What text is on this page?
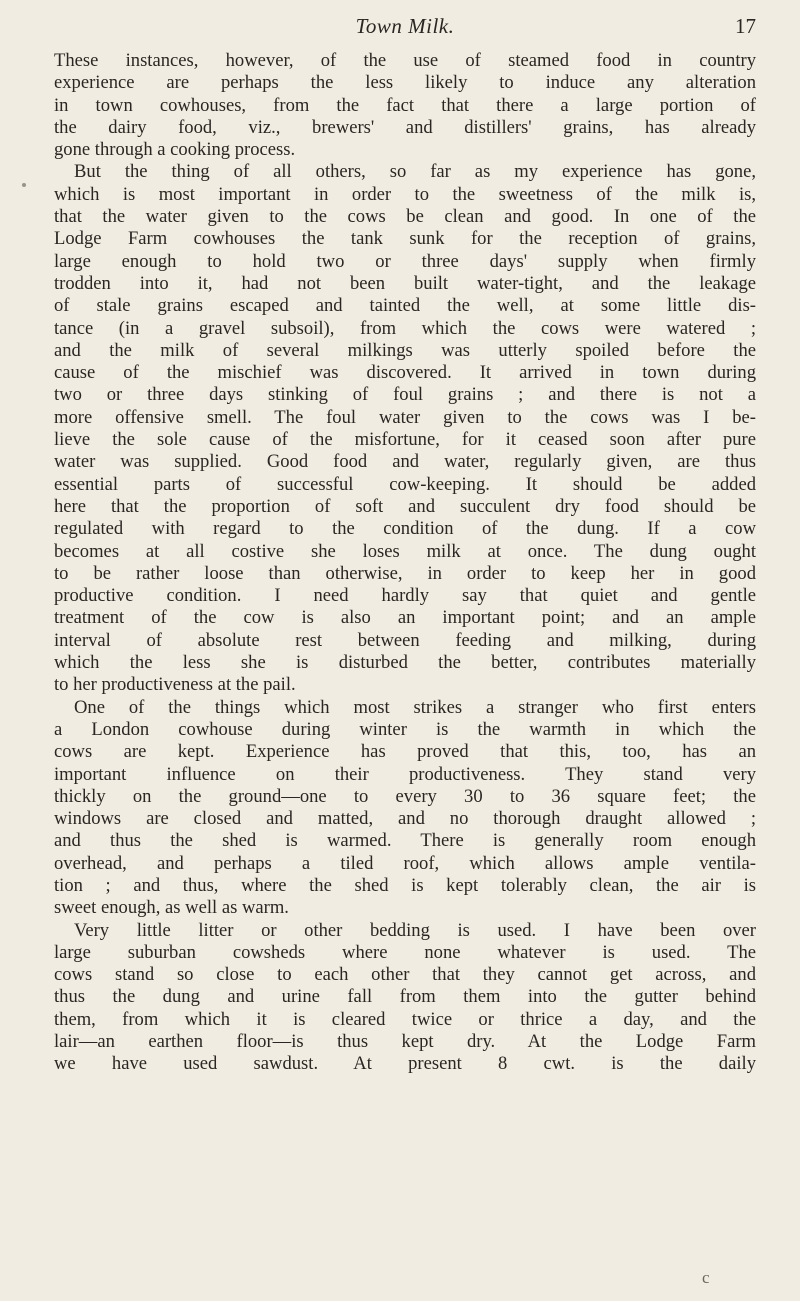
Town Milk.	17
These instances, however, of the use of steamed food in country
experience are perhaps the less likely to induce any alteration
in town cowhouses, from the fact that there a large portion of
the dairy food, viz., brewers' and distillers' grains, has already
gone through a cooking process.
But the thing of all others, so far as my experience has gone,
which is most important in order to the sweetness of the milk is,
that the water given to the cows be clean and good. In one of the
Lodge Farm cowhouses the tank sunk for the reception of grains,
large enough to hold two or three days' supply when firmly
trodden into it, had not been built water-tight, and the leakage
of stale grains escaped and tainted the well, at some little dis-
tance (in a gravel subsoil), from which the cows were watered ;
and the milk of several milkings was utterly spoiled before the
cause of the mischief was discovered. It arrived in town during
two or three days stinking of foul grains ; and there is not a
more offensive smell. The foul water given to the cows was I be-
lieve the sole cause of the misfortune, for it ceased soon after pure
water was supplied. Good food and water, regularly given, are thus
essential parts of successful cow-keeping. It should be added
here that the proportion of soft and succulent dry food should be
regulated with regard to the condition of the dung. If a cow
becomes at all costive she loses milk at once. The dung ought
to be rather loose than otherwise, in order to keep her in good
productive condition. I need hardly say that quiet and gentle
treatment of the cow is also an important point; and an ample
interval of absolute rest between feeding and milking, during
which the less she is disturbed the better, contributes materially
to her productiveness at the pail.
One of the things which most strikes a stranger who first enters
a London cowhouse during winter is the warmth in which the
cows are kept. Experience has proved that this, too, has an
important influence on their productiveness. They stand very
thickly on the ground—one to every 30 to 36 square feet; the
windows are closed and matted, and no thorough draught allowed ;
and thus the shed is warmed. There is generally room enough
overhead, and perhaps a tiled roof, which allows ample ventila-
tion ; and thus, where the shed is kept tolerably clean, the air is
sweet enough, as well as warm.
Very little litter or other bedding is used. I have been over
large suburban cowsheds where none whatever is used. The
cows stand so close to each other that they cannot get across, and
thus the dung and urine fall from them into the gutter behind
them, from which it is cleared twice or thrice a day, and the
lair—an earthen floor—is thus kept dry. At the Lodge Farm
we have used sawdust. At present 8 cwt. is the daily
c
